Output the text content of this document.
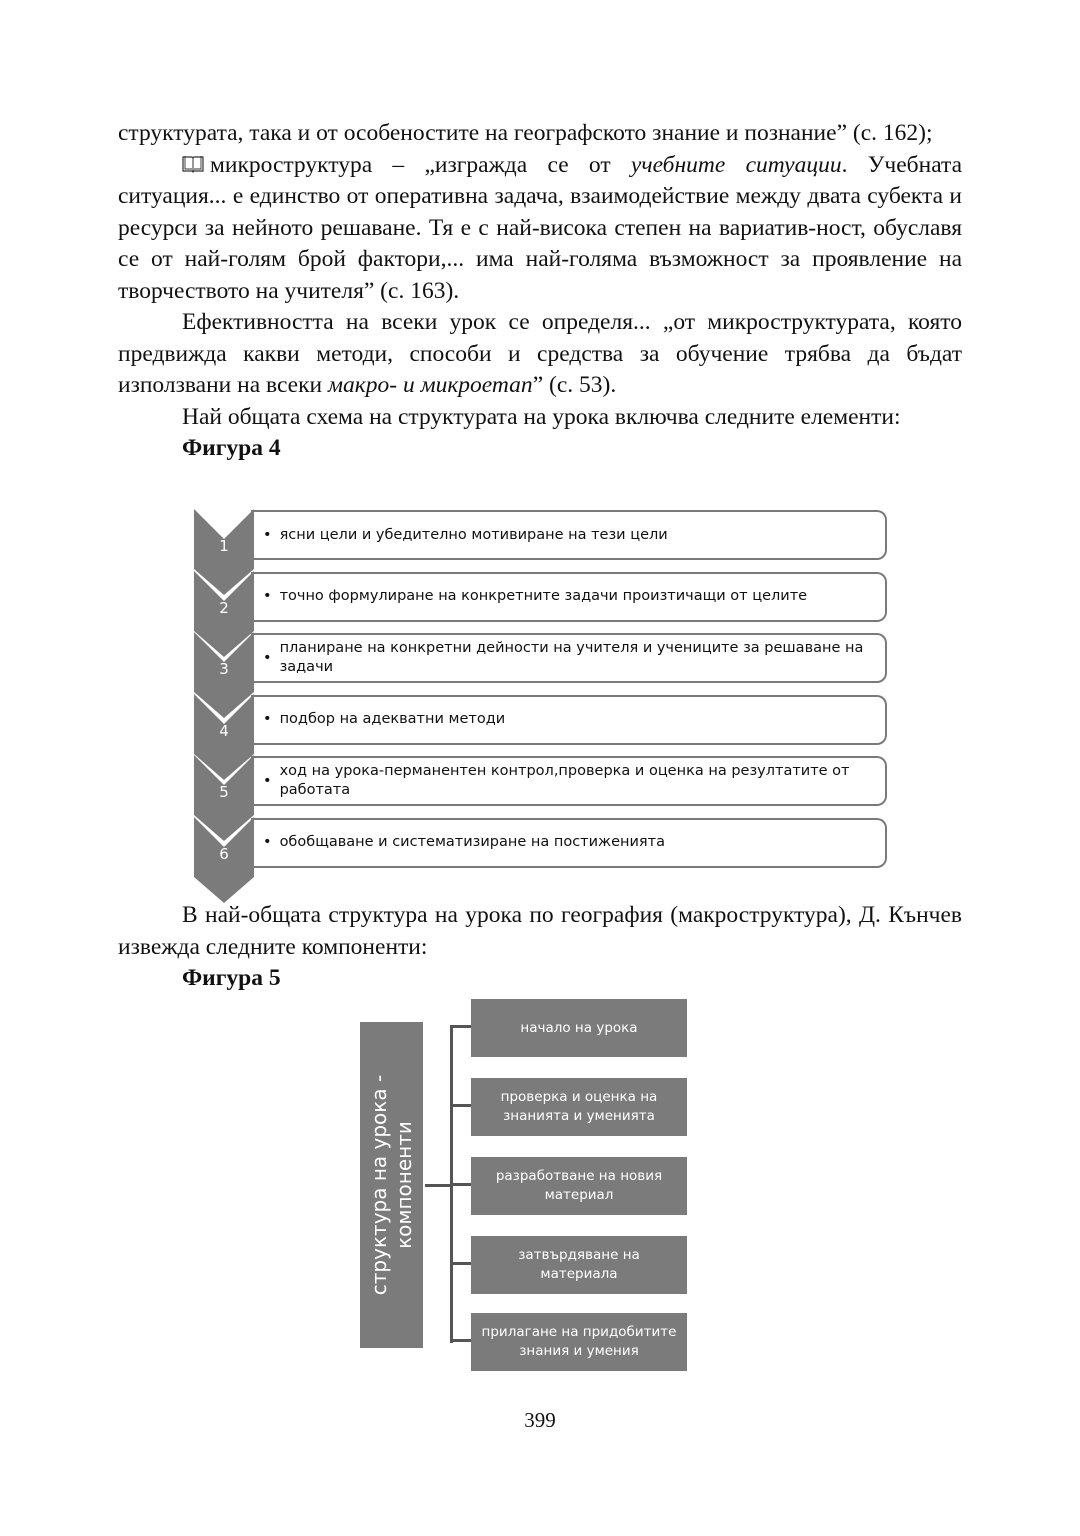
структурата, така и от особеностите на географското знание и познание” (с. 162);

микроструктура – „изгражда се от учебните ситуации. Учебната ситуация... е единство от оперативна задача, взаимодействие между двата субекта и ресурси за нейното решаване. Тя е с най-висока степен на вариатив-ност, обуславя се от най-голям брой фактори,... има най-голяма възможност за проявление на творчеството на учителя” (с. 163).

Ефективността на всеки урок се определя... „от микроструктурата, която предвижда какви методи, способи и средства за обучение трябва да бъдат използвани на всеки макро- и микроетап” (с. 53).

Най общата схема на структурата на урока включва следните елементи:

Фигура 4

• ясни цели и убедително мотивиране на тези цели
1
• точно формулиране на конкретните задачи произтичащи от целите
2
•
планиране на конкретни дейности на учителя и учениците за решаване на задачи
3
• подбор на адекватни методи
4
•
ход на урока-перманентен контрол,проверка и оценка на резултатите от работата
5
• обобщаване и систематизиране на постиженията
6

В най-общата структура на урока по география (макроструктура), Д. Кънчев извежда следните компоненти:

Фигура 5

структура на урока - компоненти
начало на урока
проверка и оценка на знанията и уменията
разработване на новия материал
затвърдяване на материала
прилагане на придобитите знания и умения
399
